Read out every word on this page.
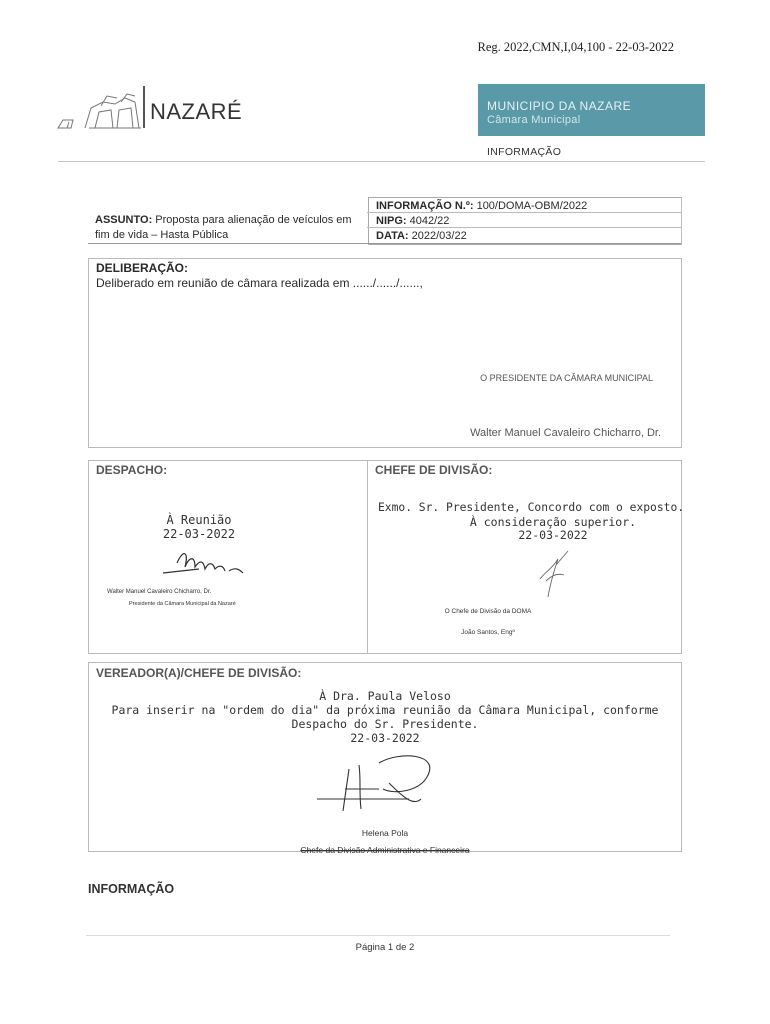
Reg. 2022,CMN,I,04,100 - 22-03-2022
NAZARÉ	MUNICIPIO DA NAZARE
Câmara Municipal
INFORMAÇÃO
ASSUNTO: Proposta para alienação de veículos em
fim de vida – Hasta Pública
INFORMAÇÃO N.º: 100/DOMA-OBM/2022
NIPG: 4042/22
DATA: 2022/03/22
DELIBERAÇÃO:
Deliberado em reunião de câmara realizada em ....../....../......,
O PRESIDENTE DA CÂMARA MUNICIPAL
Walter Manuel Cavaleiro Chicharro, Dr.
DESPACHO:
À Reunião
22-03-2022
Walter Manuel Cavaleiro Chicharro, Dr.
Presidente da Câmara Municipal da Nazaré
CHEFE DE DIVISÃO:
Exmo. Sr. Presidente, Concordo com o exposto.
À consideração superior.
22-03-2022
O Chefe de Divisão da DOMA
João Santos, Engº
VEREADOR(A)/CHEFE DE DIVISÃO:
À Dra. Paula Veloso
Para inserir na "ordem do dia" da próxima reunião da Câmara Municipal, conforme
Despacho do Sr. Presidente.
22-03-2022
Helena Pola
Chefe da Divisão Administrativa e Financeira
INFORMAÇÃO
Página 1 de 2
